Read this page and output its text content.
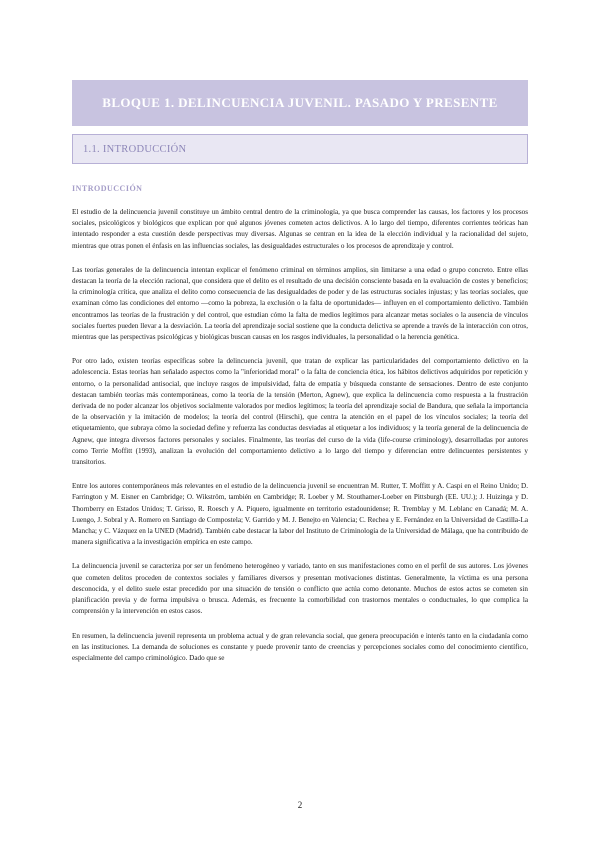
BLOQUE 1. DELINCUENCIA JUVENIL. PASADO Y PRESENTE
1.1. INTRODUCCIÓN
INTRODUCCIÓN

El estudio de la delincuencia juvenil constituye un ámbito central dentro de la criminología, ya que busca comprender las causas, los factores y los procesos sociales, psicológicos y biológicos que explican por qué algunos jóvenes cometen actos delictivos. A lo largo del tiempo, diferentes corrientes teóricas han intentado responder a esta cuestión desde perspectivas muy diversas. Algunas se centran en la idea de la elección individual y la racionalidad del sujeto, mientras que otras ponen el énfasis en las influencias sociales, las desigualdades estructurales o los procesos de aprendizaje y control.

Las teorías generales de la delincuencia intentan explicar el fenómeno criminal en términos amplios, sin limitarse a una edad o grupo concreto. Entre ellas destacan la teoría de la elección racional, que considera que el delito es el resultado de una decisión consciente basada en la evaluación de costes y beneficios; la criminología crítica, que analiza el delito como consecuencia de las desigualdades de poder y de las estructuras sociales injustas; y las teorías sociales, que examinan cómo las condiciones del entorno —como la pobreza, la exclusión o la falta de oportunidades— influyen en el comportamiento delictivo. También encontramos las teorías de la frustración y del control, que estudian cómo la falta de medios legítimos para alcanzar metas sociales o la ausencia de vínculos sociales fuertes pueden llevar a la desviación. La teoría del aprendizaje social sostiene que la conducta delictiva se aprende a través de la interacción con otros, mientras que las perspectivas psicológicas y biológicas buscan causas en los rasgos individuales, la personalidad o la herencia genética.

Por otro lado, existen teorías específicas sobre la delincuencia juvenil, que tratan de explicar las particularidades del comportamiento delictivo en la adolescencia. Estas teorías han señalado aspectos como la "inferioridad moral" o la falta de conciencia ética, los hábitos delictivos adquiridos por repetición y entorno, o la personalidad antisocial, que incluye rasgos de impulsividad, falta de empatía y búsqueda constante de sensaciones. Dentro de este conjunto destacan también teorías más contemporáneas, como la teoría de la tensión (Merton, Agnew), que explica la delincuencia como respuesta a la frustración derivada de no poder alcanzar los objetivos socialmente valorados por medios legítimos; la teoría del aprendizaje social de Bandura, que señala la importancia de la observación y la imitación de modelos; la teoría del control (Hirschi), que centra la atención en el papel de los vínculos sociales; la teoría del etiquetamiento, que subraya cómo la sociedad define y refuerza las conductas desviadas al etiquetar a los individuos; y la teoría general de la delincuencia de Agnew, que integra diversos factores personales y sociales. Finalmente, las teorías del curso de la vida (life-course criminology), desarrolladas por autores como Terrie Moffitt (1993), analizan la evolución del comportamiento delictivo a lo largo del tiempo y diferencian entre delincuentes persistentes y transitorios.

Entre los autores contemporáneos más relevantes en el estudio de la delincuencia juvenil se encuentran M. Rutter, T. Moffitt y A. Caspi en el Reino Unido; D. Farrington y M. Eisner en Cambridge; O. Wikström, también en Cambridge; R. Loeber y M. Stouthamer-Loeber en Pittsburgh (EE. UU.); J. Huizinga y D. Thornberry en Estados Unidos; T. Grisso, R. Roesch y A. Piquero, igualmente en territorio estadounidense; R. Tremblay y M. Leblanc en Canadá; M. A. Luengo, J. Sobral y A. Romero en Santiago de Compostela; V. Garrido y M. J. Benejto en Valencia; C. Rechea y E. Fernández en la Universidad de Castilla-La Mancha; y C. Vázquez en la UNED (Madrid). También cabe destacar la labor del Instituto de Criminología de la Universidad de Málaga, que ha contribuido de manera significativa a la investigación empírica en este campo.

La delincuencia juvenil se caracteriza por ser un fenómeno heterogéneo y variado, tanto en sus manifestaciones como en el perfil de sus autores. Los jóvenes que cometen delitos proceden de contextos sociales y familiares diversos y presentan motivaciones distintas. Generalmente, la víctima es una persona desconocida, y el delito suele estar precedido por una situación de tensión o conflicto que actúa como detonante. Muchos de estos actos se cometen sin planificación previa y de forma impulsiva o brusca. Además, es frecuente la comorbilidad con trastornos mentales o conductuales, lo que complica la comprensión y la intervención en estos casos.

En resumen, la delincuencia juvenil representa un problema actual y de gran relevancia social, que genera preocupación e interés tanto en la ciudadanía como en las instituciones. La demanda de soluciones es constante y puede provenir tanto de creencias y percepciones sociales como del conocimiento científico, especialmente del campo criminológico. Dado que se

2
